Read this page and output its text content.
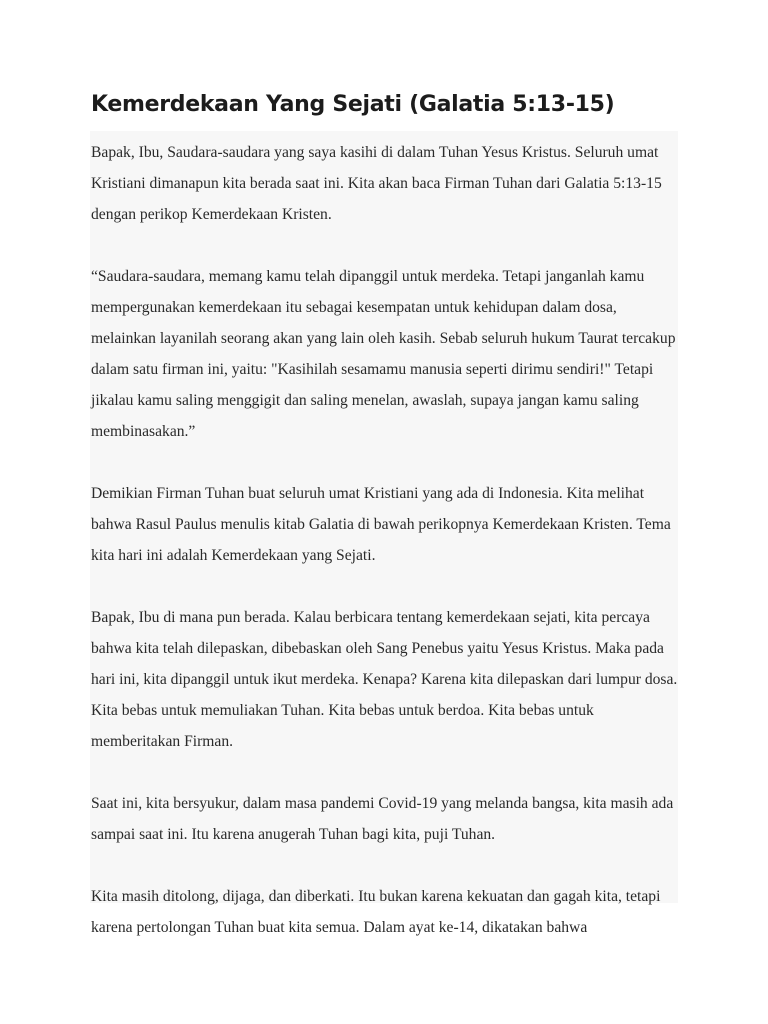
Kemerdekaan Yang Sejati (Galatia 5:13-15)

Bapak, Ibu, Saudara-saudara yang saya kasihi di dalam Tuhan Yesus Kristus. Seluruh umat Kristiani dimanapun kita berada saat ini. Kita akan baca Firman Tuhan dari Galatia 5:13-15 dengan perikop Kemerdekaan Kristen.

“Saudara-saudara, memang kamu telah dipanggil untuk merdeka. Tetapi janganlah kamu mempergunakan kemerdekaan itu sebagai kesempatan untuk kehidupan dalam dosa, melainkan layanilah seorang akan yang lain oleh kasih. Sebab seluruh hukum Taurat tercakup dalam satu firman ini, yaitu: "Kasihilah sesamamu manusia seperti dirimu sendiri!" Tetapi jikalau kamu saling menggigit dan saling menelan, awaslah, supaya jangan kamu saling membinasakan.”

Demikian Firman Tuhan buat seluruh umat Kristiani yang ada di Indonesia. Kita melihat bahwa Rasul Paulus menulis kitab Galatia di bawah perikopnya Kemerdekaan Kristen. Tema kita hari ini adalah Kemerdekaan yang Sejati.

Bapak, Ibu di mana pun berada. Kalau berbicara tentang kemerdekaan sejati, kita percaya bahwa kita telah dilepaskan, dibebaskan oleh Sang Penebus yaitu Yesus Kristus. Maka pada hari ini, kita dipanggil untuk ikut merdeka. Kenapa? Karena kita dilepaskan dari lumpur dosa. Kita bebas untuk memuliakan Tuhan. Kita bebas untuk berdoa. Kita bebas untuk memberitakan Firman.

Saat ini, kita bersyukur, dalam masa pandemi Covid-19 yang melanda bangsa, kita masih ada sampai saat ini. Itu karena anugerah Tuhan bagi kita, puji Tuhan.

Kita masih ditolong, dijaga, dan diberkati. Itu bukan karena kekuatan dan gagah kita, tetapi karena pertolongan Tuhan buat kita semua. Dalam ayat ke-14, dikatakan bahwa
